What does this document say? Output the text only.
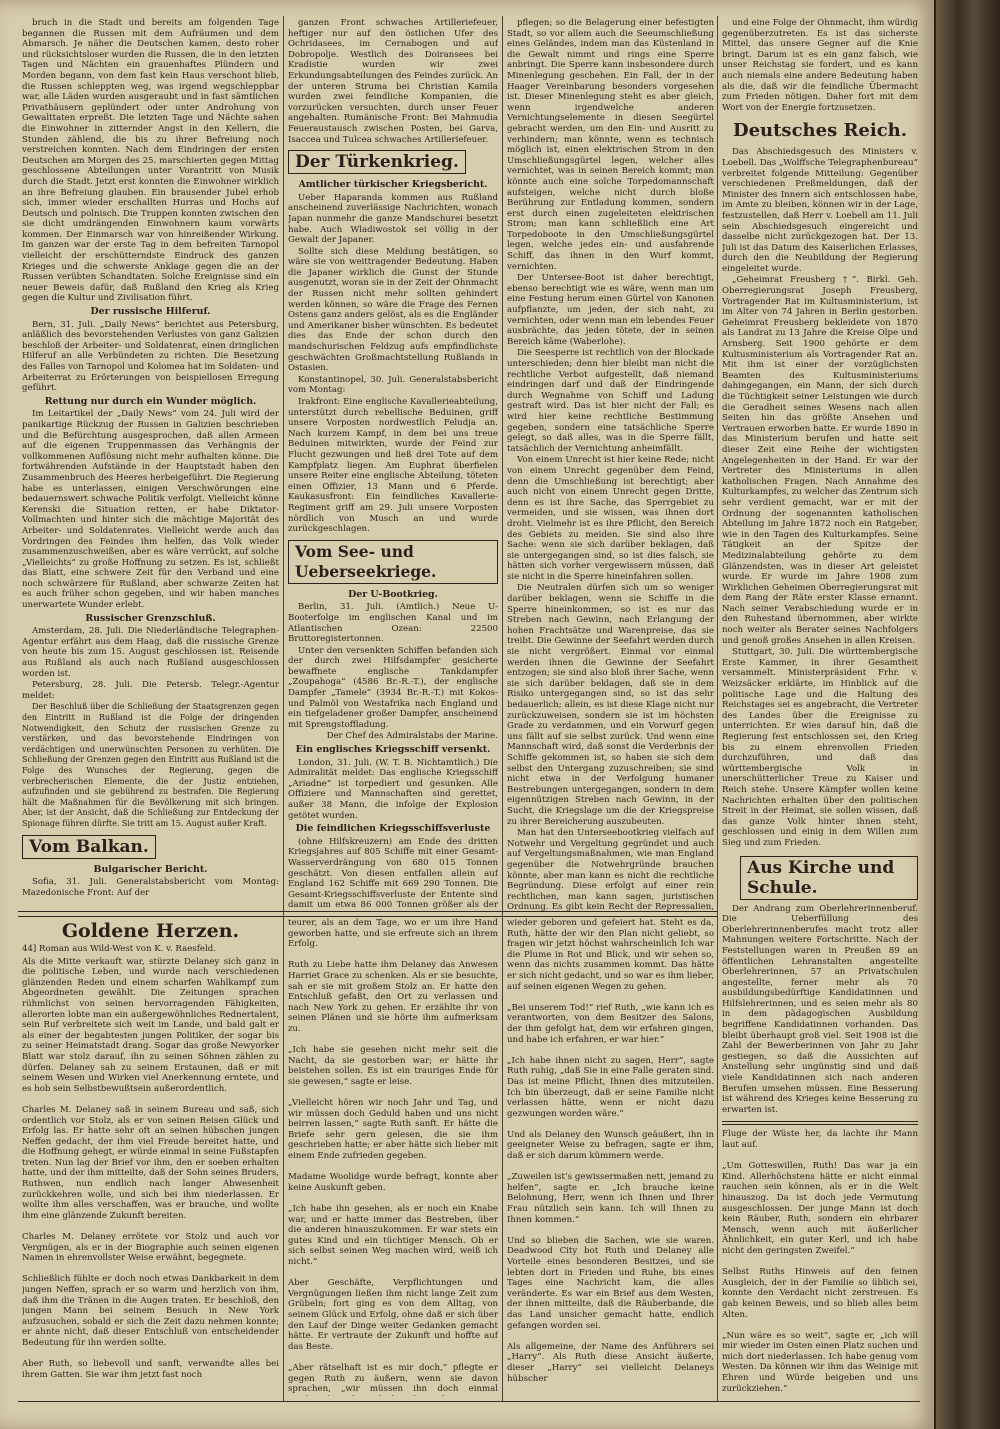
bruch in die Stadt und bereits am folgenden Tage begannen die Russen mit dem Aufräumen und dem Abmarsch. Je näher die Deutschen kamen, desto roher und rücksichtsloser wurden die Russen, die in den letzten Tagen und Nächten ein grauenhaftes Plündern und Morden begann, von dem fast kein Haus verschont blieb, die Russen schleppten weg, was irgend wegschleppbar war, alle Läden wurden ausgeraubt und in fast sämtlichen Privathäusern geplündert oder unter Androhung von Gewalttaten erpreßt. Die letzten Tage und Nächte sahen die Einwohner in zitternder Angst in den Kellern, die Stunden zählend, die bis zu ihrer Befreiung noch verstreichen konnten. Nach dem Eindringen der ersten Deutschen am Morgen des 25. marschierten gegen Mittag geschlossene Abteilungen unter Vorantritt von Musik durch die Stadt. Jetzt erst konnten die Einwohner wirklich an ihre Befreiung glauben. Ein brausender Jubel erhob sich, immer wieder erschallten Hurras und Hochs auf Deutsch und polnisch. Die Truppen konnten zwischen den sie dicht umdrängenden Einwohnern kaum vorwärts kommen. Der Einmarsch war von hinreißender Wirkung. Im ganzen war der erste Tag in dem befreiten Tarnopol vielleicht der erschütterndste Eindruck des ganzen Krieges und die schwerste Anklage gegen die an der Russen verübten Schandtaten. Solche Ereignisse sind ein neuer Beweis dafür, daß Rußland den Krieg als Krieg gegen die Kultur und Zivilisation führt.

Der russische Hilferuf.

Bern, 31. Juli. „Daily News“ berichtet aus Petersburg, anläßlich des bevorstehenden Verlustes von ganz Galizien beschloß der Arbeiter- und Soldatenrat, einen dringlichen Hilferuf an alle Verbündeten zu richten. Die Besetzung des Falles von Tarnopol und Kolomea hat im Soldaten- und Arbeiterrat zu Erörterungen von beispiellosen Erregung geführt.

Rettung nur durch ein Wunder möglich.

Im Leitartikel der „Daily News“ vom 24. Juli wird der panikartige Rückzug der Russen in Galizien beschrieben und die Befürchtung ausgesprochen, daß allen Armeen auf die eigenen Truppenmassen das Verhängnis der vollkommenen Auflösung nicht mehr aufhalten könne. Die fortwährenden Aufstände in der Hauptstadt haben den Zusammenbruch des Heeres herbeigeführt. Die Regierung habe es unterlassen, einigen Verschwörungen eine bedauernswert schwache Politik verfolgt. Vielleicht könne Kerenski die Situation retten, er habe Diktator-Vollmachten und hinter sich die mächtige Majorität des Arbeiter- und Soldatenrates. Vielleicht werde auch das Vordringen des Feindes ihm helfen, das Volk wieder zusammenzuschweißen, aber es wäre verrückt, auf solche „Vielleichts“ zu große Hoffnung zu setzen. Es ist, schließt das Blatt, eine schwere Zeit für den Verband und eine noch schwärzere für Rußland, aber schwarze Zeiten hat es auch früher schon gegeben, und wir haben manches unerwartete Wunder erlebt.

Russischer Grenzschluß.

Amsterdam, 28. Juli. Die Niederländische Telegraphen-Agentur erfährt aus dem Haag, daß die russische Grenze von heute bis zum 15. August geschlossen ist. Reisende aus Rußland als auch nach Rußland ausgeschlossen worden ist.

Petersburg, 28. Juli. Die Petersb. Telegr.-Agentur meldet:

Der Beschluß über die Schließung der Staatsgrenzen gegen den Eintritt in Rußland ist die Folge der dringenden Notwendigkeit, den Schutz der russischen Grenze zu verstärken, und das bevorstehende Eindringen von verdächtigen und unerwünschten Personen zu verhüten. Die Schließung der Grenzen gegen den Eintritt aus Rußland ist die Folge des Wunsches der Regierung, gegen die verbrecherischen Elemente, die der Justiz entziehen, aufzufinden und sie gebührend zu bestrafen. Die Regierung hält die Maßnahmen für die Bevölkerung mit sich bringen. Aber, ist der Ansicht, daß die Schließung zur Entdeckung der Spionage führen dürfte. Sie tritt am 15. August außer Kraft.

Vom Balkan.
Bulgarischer Bericht.

Sofia, 31. Juli. Generalstabsbericht vom Montag: Mazedonische Front: Auf der

ganzen Front schwaches Artilleriefeuer, heftiger nur auf den östlichen Ufer des Ochridasees, im Cernabogen und auf Dobropolje. Westlich des Doiransees bei Kradistie wurden wir zwei Erkundungsabteilungen des Feindes zurück. An der unteren Struma bei Christian Kamila wurden zwei feindliche Kompanien, die vorzurücken versuchten, durch unser Feuer angehalten. Rumänische Front: Bei Mahmudia Feueraustausch zwischen Posten, bei Garva, Isaccea und Tulcea schwaches Artilleriefeuer.

Der Türkenkrieg.
Amtlicher türkischer Kriegsbericht.

Ueber Haparanda kommen aus Rußland anscheinend zuverlässige Nachrichten, wonach Japan nunmehr die ganze Mandschurei besetzt habe. Auch Wladiwostok sei völlig in der Gewalt der Japaner.

Sollte sich diese Meldung bestätigen, so wäre sie von weittragender Bedeutung. Haben die Japaner wirklich die Gunst der Stunde ausgenutzt, woran sie in der Zeit der Ohnmacht der Russen nicht mehr sollten gehindert werden können, so wäre die Frage des Fernen Ostens ganz anders gelöst, als es die Engländer und Amerikaner bisher wünschten. Es bedeutet dies das Ende der schon durch den mandschurischen Feldzug aufs empfindlichste geschwächten Großmachtstellung Rußlands in Ostasien.

Konstantinopel, 30. Juli. Generalstabsbericht vom Montag:

Irakfront: Eine englische Kavallerieabteilung, unterstützt durch rebellische Beduinen, griff unsere Vorposten nordwestlich Feludja an. Nach kurzem Kampf, in dem bei uns treue Beduinen mitwirkten, wurde der Feind zur Flucht gezwungen und ließ drei Tote auf dem Kampfplatz liegen. Am Euphrat überfielen unsere Reiter eine englische Abteilung, töteten einen Offizier, 13 Mann und 6 Pferde. Kaukasusfront: Ein feindliches Kavallerie-Regiment griff am 29. Juli unsere Vorposten nördlich von Musch an und wurde zurückgeschlagen.

Vom See- und Ueberseekriege.
Der U-Bootkrieg.

Berlin, 31. Juli. (Amtlich.) Neue U-Booterfolge im englischen Kanal und im Atlantischen Ozean: 22500 Bruttoregistertonnen.

Unter den versenkten Schiffen befanden sich der durch zwei Hilfsdampfer gesicherte bewaffnete englische Tankdampfer „Zoupahoga“ (4586 Br.-R.-T.), der englische Dampfer „Tamele“ (3934 Br.-R.-T.) mit Kokos- und Palmöl von Westafrika nach England und ein tiefgeladener großer Dampfer, anscheinend mit Sprengstoffladung.

Der Chef des Admiralstabs der Marine.

Ein englisches Kriegsschiff versenkt.

London, 31. Juli. (W. T. B. Nichtamtlich.) Die Admiralität meldet: Das englische Kriegsschiff „Ariadne“ ist torpediert und gesunken. Alle Offiziere und Mannschaften sind gerettet, außer 38 Mann, die infolge der Explosion getötet wurden.

Die feindlichen Kriegsschiffsverluste

(ohne Hilfskreuzern) am Ende des dritten Kriegsjahres auf 805 Schiffe mit einer Gesamt-Wasserverdrängung von 680 015 Tonnen geschätzt. Von diesen entfallen allein auf England 162 Schiffe mit 669 290 Tonnen. Die Gesamt-Kriegsschiffsverluste der Entente sind damit um etwa 86 000 Tonnen größer als der

pflegen; so die Belagerung einer befestigten Stadt, so vor allem auch die Seeumschließung eines Geländes, indem man das Küstenland in die Gewalt nimmt und rings eine Sperre anbringt. Die Sperre kann insbesondere durch Minenlegung geschehen. Ein Fall, der in der Haager Vereinbarung besonders vorgesehen ist. Dieser Minenlegung steht es aber gleich, wenn irgendwelche anderen Vernichtungselemente in diesen Seegürtel gebracht werden, um den Ein- und Ausritt zu verhindern; man könnte, wenn es technisch möglich ist, einen elektrischen Strom in den Umschließungsgürtel legen, welcher alles vernichtet, was in seinen Bereich kommt; man könnte auch eine solche Torpedomannschaft aufsteigen, welche nicht durch bloße Berührung zur Entladung kommen, sondern erst durch einen zugeleiteten elektrischen Strom; man kann schließlich eine Art Torpedoboote in den Umschließungsgürtel legen, welche jedes ein- und ausfahrende Schiff, das ihnen in den Wurf kommt, vernichten.

Der Untersee-Boot ist daher berechtigt, ebenso berechtigt wie es wäre, wenn man um eine Festung herum einen Gürtel von Kanonen aufpflanzte, um jeden, der sich naht, zu vernichten, oder wenn man ein lebendes Feuer ausbrächte, das jeden tötete, der in seinen Bereich käme (Waberlohe).

Die Seesperre ist rechtlich von der Blockade unterschieden; denn hier bleibt man nicht die rechtliche Verbot aufgestellt, daß niemand eindringen darf und daß der Eindringende durch Wegnahme von Schiff und Ladung gestraft wird. Das ist hier nicht der Fall; es wird hier keine rechtliche Bestimmung gegeben, sondern eine tatsächliche Sperre gelegt, so daß alles, was in die Sperre fällt, tatsächlich der Vernichtung anheimfällt.

Von einem Unrecht ist hier keine Rede; nicht von einem Unrecht gegenüber dem Feind, denn die Umschließung ist berechtigt; aber auch nicht von einem Unrecht gegen Dritte, denn es ist ihre Sache, das Sperrgebiet zu vermeiden, und sie wissen, was ihnen dort droht. Vielmehr ist es ihre Pflicht, den Bereich des Gebiets zu meiden. Sie sind also ihre Sache: wenn sie sich darüber beklagen, daß sie untergegangen sind, so ist dies falsch, sie hätten sich vorher vergewissern müssen, daß sie nicht in die Sperre hineinfahren sollen.

Die Neutralen dürfen sich um so weniger darüber beklagen, wenn sie Schiffe in die Sperre hineinkommen, so ist es nur das Streben nach Gewinn, nach Erlangung der hohen Frachtsätze und Warenpreise, das sie treibt. Die Gewinne der Seefahrt werden durch sie nicht vergrößert. Einmal vor einmal werden ihnen die Gewinne der Seefahrt entzogen; sie sind also bloß ihrer Sache, wenn sie sich darüber beklagen, daß sie in dem Risiko untergegangen sind, so ist das sehr bedauerlich; allein, es ist diese Klage nicht nur zurückzuweisen, sondern sie ist im höchsten Grade zu verdammen, und ein Vorwurf gegen uns fällt auf sie selbst zurück. Und wenn eine Mannschaft wird, daß sonst die Verderbnis der Schiffe gekommen ist, so haben sie sich dem selbst den Untergang zuzuschreiben; sie sind nicht etwa in der Verfolgung humaner Bestrebungen untergegangen, sondern in dem eigennützigen Streben nach Gewinn, in der Sucht, die Kriegslage um die der Kriegspreise zu ihrer Bereicherung auszubeuten.

Man hat den Unterseebootkrieg vielfach auf Notwehr und Vergeltung gegründet und auch auf Vergeltungsmaßnahmen, wie man England gegenüber die Notwehrgründe brauchen könnte, aber man kann es nicht die rechtliche Begründung. Diese erfolgt auf einer rein rechtlichen, man kann sagen, juristischen Ordnung. Es gibt kein Recht der Repressalien,

und eine Folge der Ohnmacht, ihm würdig gegenüberzutreten. Es ist das sicherste Mittel, das unsere Gegner auf die Knie bringt. Darum ist es ein ganz falsch, wie unser Reichstag sie fordert, und es kann auch niemals eine andere Bedeutung haben als die, daß wir die feindliche Übermacht zum Frieden nötigen. Daher fort mit dem Wort von der Energie fortzusetzen.

Deutsches Reich.

Das Abschiedsgesuch des Ministers v. Loebell. Das „Wolffsche Telegraphenbureau“ verbreitet folgende Mitteilung: Gegenüber verschiedenen Preßmeldungen, daß der Minister des Innern sich entschlossen habe, im Amte zu bleiben, können wir in der Lage, festzustellen, daß Herr v. Loebell am 11. Juli sein Abschiedsgesuch eingereicht und dasselbe nicht zurückgezogen hat. Der 13. Juli ist das Datum des Kaiserlichen Erlasses, durch den die Neubildung der Regierung eingeleitet wurde.

„Geheimrat Freusberg †“. Birkl. Geh. Oberregierungsrat Joseph Freusberg, Vortragender Rat im Kultusministerium, ist im Alter von 74 Jahren in Berlin gestorben. Geheimrat Freusberg bekleidete von 1870 als Landrat zu 13 Jahre die Kreise Olpe und Arnsberg. Seit 1900 gehörte er dem Kultusministerium als Vortragender Rat an. Mit ihm ist einer der vorzüglichsten Beamten des Kultusministeriums dahingegangen, ein Mann, der sich durch die Tüchtigkeit seiner Leistungen wie durch die Geradheit seines Wesens nach allen Seiten hin das größte Ansehen und Vertrauen erworben hatte. Er wurde 1890 in das Ministerium berufen und hatte seit dieser Zeit eine Reihe der wichtigsten Angelegenheiten in der Hand. Er war der Vertreter des Ministeriums in allen katholischen Fragen. Nach Annahme des Kulturkampfes, zu welcher das Zentrum sich sehr verdient gemacht, war er mit der Ordnung der sogenannten katholischen Abteilung im Jahre 1872 noch ein Ratgeber, wie in den Tagen des Kulturkampfes. Seine Tätigkeit an der Spitze der Medizinalabteilung gehörte zu dem Glänzendsten, was in dieser Art geleistet wurde. Er wurde im Jahre 1908 zum Wirklichen Geheimen Oberregierungsrat mit dem Rang der Räte erster Klasse ernannt. Nach seiner Verabschiedung wurde er in den Ruhestand übernommen, aber wirkte noch weiter als Berater seines Nachfolgers und genoß großes Ansehen in allen Kreisen.

Stuttgart, 30. Juli. Die württembergische Erste Kammer, in ihrer Gesamtheit versammelt. Ministerpräsident Frhr. v. Weizsäcker erklärte, im Hinblick auf die politische Lage und die Haltung des Reichstages sei es angebracht, die Vertreter des Landes über die Ereignisse zu unterrichten. Er wies darauf hin, daß die Regierung fest entschlossen sei, den Krieg bis zu einem ehrenvollen Frieden durchzuführen, und daß das württembergische Volk in unerschütterlicher Treue zu Kaiser und Reich stehe. Unsere Kämpfer wollen keine Nachrichten erhalten über den politischen Streit in der Heimat, sie sollen wissen, daß das ganze Volk hinter ihnen steht, geschlossen und einig in dem Willen zum Sieg und zum Frieden.

Aus Kirche und Schule.

Der Andrang zum Oberlehrerinnenberuf. Die Ueberfüllung des Oberlehrerinnenberufes macht trotz aller Mahnungen weitere Fortschritte. Nach der Feststellungen waren in Preußen 89 an öffentlichen Lehranstalten angestellte Oberlehrerinnen, 57 an Privatschulen angestellte, ferner mehr als 70 ausbildungsbedürftige Kandidatinnen und Hilfslehrerinnen, und es seien mehr als 80 in dem pädagogischen Ausbildung begriffene Kandidatinnen vorhanden. Das bleibt überhaupt groß viel. Seit 1908 ist die Zahl der Bewerberinnen von Jahr zu Jahr gestiegen, so daß die Aussichten auf Anstellung sehr ungünstig sind und daß viele Kandidatinnen sich nach anderen Berufen umsehen müssen. Eine Besserung ist während des Krieges keine Besserung zu erwarten ist.

Fluge der Wüste her, da lachte ihr Mann laut auf.

„Um Gotteswillen, Ruth! Das war ja ein Kind. Allerhöchstens hätte er nicht einmal rauchen sein können, als er in die Welt hinauszog. Da ist doch jede Vermutung ausgeschlossen. Der junge Mann ist doch kein Räuber, Ruth, sondern ein ehrbarer Mensch, wenn auch mit äußerlicher Ähnlichkeit, ein guter Kerl, und ich habe nicht den geringsten Zweifel.“

Selbst Ruths Hinweis auf den feinen Ausgleich, der in der Familie so üblich sei, konnte den Verdacht nicht zerstreuen. Es gab keinen Beweis, und so blieb alles beim Alten.

„Nun wäre es so weit“, sagte er, „ich will mir wieder im Osten einen Platz suchen und mich dort niederlassen. Ich habe genug vom Westen. Da können wir ihm das Weinige mit Ehren und Würde beigeben und uns zurückziehen.“

Goldene Herzen.
44] Roman aus Wild-West von K. v. Raesfeld.
Als die Mitte verkauft war, stürzte Delaney sich ganz in die politische Leben, und wurde nach verschiedenen glänzenden Reden und einem scharfen Wahlkampf zum Abgeordneten gewählt. Die Zeitungen sprachen rühmlichst von seinen hervorragenden Fähigkeiten, allerorten lobte man ein außergewöhnliches Rednertalent, sein Ruf verbreitete sich weit im Lande, und bald galt er als einer der begabtesten jungen Politiker, der sogar bis zu seiner Heimatstadt drang. Sogar das große Newyorker Blatt war stolz darauf, ihn zu seinen Söhnen zählen zu dürfen. Delaney sah zu seinem Erstaunen, daß er mit seinem Wesen und Wirken viel Anerkennung erntete, und es hob sein Selbstbewußtsein außerordentlich.

Charles M. Delaney saß in seinem Bureau und saß, sich ordentlich vor Stolz, als er von seinen Reisen Glück und Erfolg las. Er hatte sehr oft an seinen hübschen jungen Neffen gedacht, der ihm viel Freude bereitet hatte, und die Hoffnung gehegt, er würde einmal in seine Fußstapfen treten. Nun lag der Brief vor ihm, den er soeben erhalten hatte, und der ihm mitteilte, daß der Sohn seines Bruders, Ruthwen, nun endlich nach langer Abwesenheit zurückkehren wolle, und sich bei ihm niederlassen. Er wollte ihm alles verschaffen, was er brauche, und wollte ihm eine glänzende Zukunft bereiten.

Charles M. Delaney errötete vor Stolz und auch vor Vergnügen, als er in der Biographie auch seinen eigenen Namen in ehrenvollster Weise erwähnt, begegnete.

Schließlich fühlte er doch noch etwas Dankbarkeit in dem jungen Neffen, sprach er so warm und herzlich von ihm, daß ihm die Tränen in die Augen traten. Er beschloß, den jungen Mann bei seinem Besuch in New York aufzusuchen, sobald er sich die Zeit dazu nehmen konnte; er ahnte nicht, daß dieser Entschluß von entscheidender Bedeutung für ihn werden sollte.

Aber Ruth, so liebevoll und sanft, verwandte alles bei ihrem Gatten. Sie war ihm jetzt fast noch
teurer, als an dem Tage, wo er um ihre Hand geworben hatte, und sie erfreute sich an ihrem Erfolg.

Ruth zu Liebe hatte ihm Delaney das Anwesen Harriet Grace zu schenken. Als er sie besuchte, sah er sie mit großem Stolz an. Er hatte den Entschluß gefaßt, den Ort zu verlassen und nach New York zu gehen. Er erzählte ihr von seinen Plänen und sie hörte ihm aufmerksam zu.

„Ich habe sie gesehen nicht mehr seit die Nacht, da sie gestorben war; er hätte ihr beistehen sollen. Es ist ein trauriges Ende für sie gewesen,“ sagte er leise.

„Vielleicht hören wir noch Jahr und Tag, und wir müssen doch Geduld haben und uns nicht beirren lassen,“ sagte Ruth sanft. Er hätte die Briefe sehr gern gelesen, die sie ihm geschrieben hatte; er aber hätte sich lieber mit einem Ende zufrieden gegeben.

Madame Woolidge wurde befragt, konnte aber keine Auskunft geben.

„Ich habe ihn gesehen, als er noch ein Knabe war, und er hatte immer das Bestreben, über die anderen hinauszukommen. Er war stets ein gutes Kind und ein tüchtiger Mensch. Ob er sich selbst seinen Weg machen wird, weiß ich nicht.“

Aber Geschäfte, Verpflichtungen und Vergnügungen ließen ihm nicht lange Zeit zum Grübeln; fort ging es von dem Alltag, von seinem Glück und Erfolg, ohne daß er sich über den Lauf der Dinge weiter Gedanken gemacht hätte. Er vertraute der Zukunft und hoffte auf das Beste.

„Aber rätselhaft ist es mir doch,“ pflegte er gegen Ruth zu äußern, wenn sie davon sprachen, „wir müssen ihn doch einmal
wieder geboren und gefeiert hat. Steht es da, Ruth, hätte der wir den Plan nicht geliebt, so fragen wir jetzt höchst wahrscheinlich Ich war die Plume in Rot und Blick, und wir sehen so, wenn das nichts zusammen kommt. Das hätte er sich nicht gedacht, und so war es ihm lieber, auf seinen eigenen Wegen zu gehen.

„Bei unserem Tod!“ rief Ruth, „wie kann ich es verantworten, von dem Besitzer des Salons, der ihm gefolgt hat, dem wir erfahren gingen, und habe ich erfahren, er war hier.“

„Ich habe ihnen nicht zu sagen, Herr“, sagte Ruth ruhig, „daß Sie in eine Falle geraten sind. Das ist meine Pflicht, Ihnen dies mitzuteilen. Ich bin überzeugt, daß er seine Familie nicht verlassen hätte, wenn er nicht dazu gezwungen worden wäre.“

Und als Delaney den Wunsch geäußert, ihn in geeigneter Weise zu befragen, sagte er ihm, daß er sich darum kümmern werde.

„Zuweilen ist’s gewissermaßen nett, jemand zu helfen“, sagte er. „Ich brauche keine Belohnung, Herr, wenn ich Ihnen und Ihrer Frau nützlich sein kann. Ich will Ihnen zu Ihnen kommen.“

Und so blieben die Sachen, wie sie waren. Deadwood City bot Ruth und Delaney alle Vorteile eines besonderen Besitzes, und sie lebten dort in Frieden und Ruhe, bis eines Tages eine Nachricht kam, die alles veränderte. Es war ein Brief aus dem Westen, der ihnen mitteilte, daß die Räuberbande, die das Land unsicher gemacht hatte, endlich gefangen worden sei.

Als allgemeine, der Name des Anführers sei „Harry“. Als Ruth diese Ansicht äußerte, dieser „Harry“ sei vielleicht Delaneys hübscher
